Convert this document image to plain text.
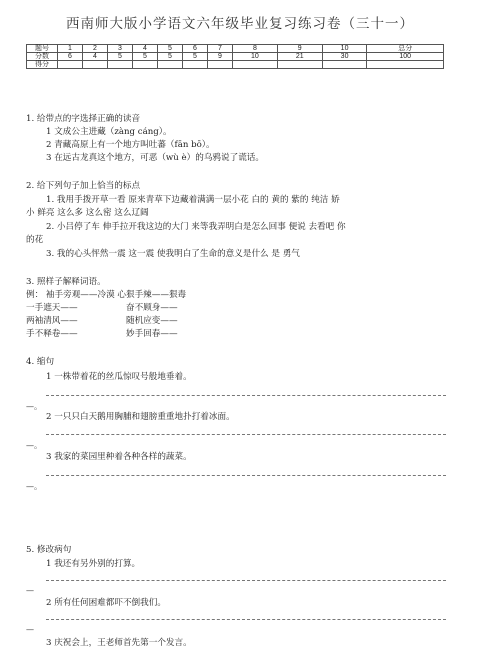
西南师大版小学语文六年级毕业复习练习卷（三十一）
题号	1	2	3	4	5	6	7	8	9	10	总分
分数	6	4	5	5	5	5	9	10	21	30	100
得分											
1. 给带点的字选择正确的读音
1 文成公主进藏（zàng cáng）。
2 青藏高原上有一个地方叫吐蕃（fān bō）。
3 在远古龙真这个地方，可恶（wù è）的乌鸦说了谎话。
2. 给下列句子加上恰当的标点
1. 我用手拨开草一看 原来青草下边藏着满满一层小花 白的 黄的 紫的 纯洁 娇
小 鲜亮 这么多 这么密 这么辽阔
2. 小吕停了车 伸手拉开我这边的大门 来等我弄明白是怎么回事 便说 去看吧 你
的花
3. 我的心头怦然一震 这一震 使我明白了生命的意义是什么 是 勇气
3. 照样子解释词语。
例： 袖手旁观——冷漠 心狠手辣——狠毒
一手遮天——	奋不顾身——
两袖清风——	随机应变——
手不释卷——	妙手回春——
4. 缩句
1 一株带着花的丝瓜惊叹号般地垂着。
—。
2 一只只白天鹅用胸脯和翅膀重重地扑打着冰面。
—。
3 我家的菜园里种着各种各样的蔬菜。
—。
5. 修改病句
1 我还有另外别的打算。
—
2 所有任何困难都吓不倒我们。
—
3 庆祝会上，王老师首先第一个发言。
